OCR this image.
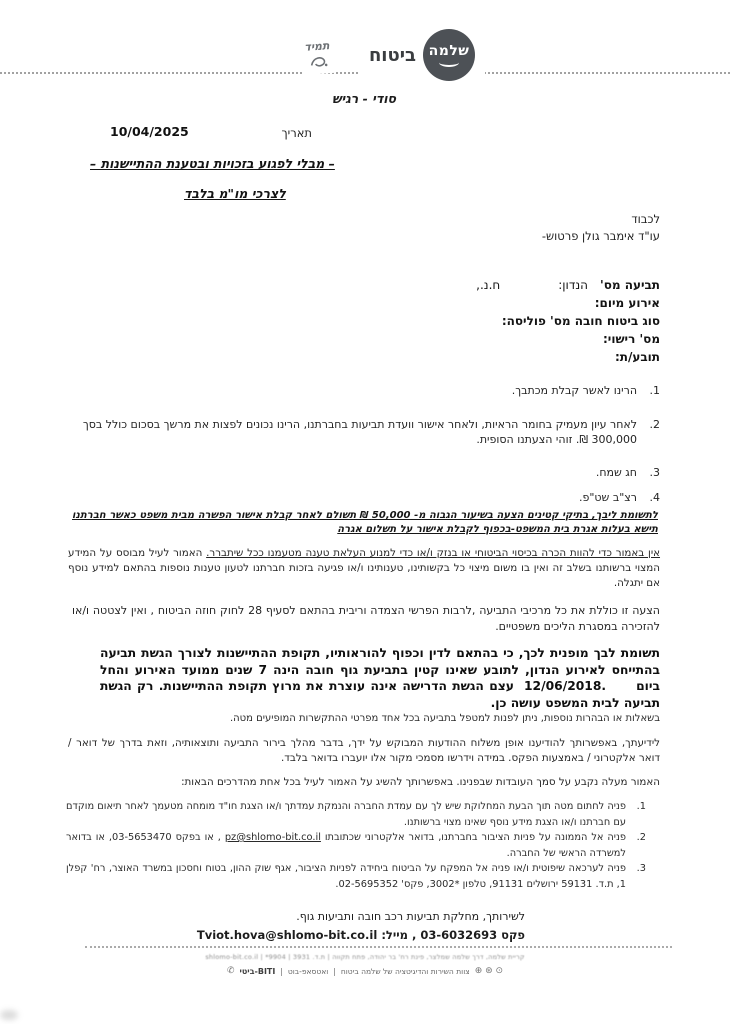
תמיד	שלמה
ביטוח
סודי - רגיש
תאריך
10/04/2025
– מבלי לפגוע בזכויות ובטענת ההתיישנות –
לצרכי מו"מ בלבד
לכבוד
עו"ד אימבר גולן פרטוש-
תביעה מס'
הנדון:
ח.נ.,
אירוע מיום:
סוג ביטוח חובה מס' פוליסה:
מס' רישוי:
תובע/ת:
1.
הרינו לאשר קבלת מכתבך.
2.
לאחר עיון מעמיק בחומר הראיות, ולאחר אישור וועדת תביעות בחברתנו, הרינו נכונים לפצות את מרשך בסכום כולל בסך 300,000 ₪. זוהי הצעתנו הסופית.
3.
חג שמח.
4.
רצ"ב שט"פ.
לתשומת ליבך, בתיקי קטינים הצעה בשיעור הגבוה מ- 50,000 ₪ תשולם לאחר קבלת אישור הפשרה מבית משפט כאשר חברתנו תישא בעלות אגרת בית המשפט-בכפוף לקבלת אישור על תשלום אגרה
אין באמור כדי להוות הכרה בכיסוי הביטוחי או בנזק ו/או כדי למנוע העלאת טענה מטעמנו ככל שיתברר. האמור לעיל מבוסס על המידע המצוי ברשותנו בשלב זה ואין בו משום מיצוי כל בקשותינו, טענותינו ו/או פגיעה בזכות חברתנו לטעון טענות נוספות בהתאם למידע נוסף אם יתגלה.
הצעה זו כוללת את כל מרכיבי התביעה ,לרבות הפרשי הצמדה וריבית בהתאם לסעיף 28 לחוק חוזה הביטוח , ואין לצטטה ו/או להזכירה במסגרת הליכים משפטיים.
תשומת לבך מופנית לכך, כי בהתאם לדין וכפוף להוראותיו, תקופת ההתיישנות לצורך הגשת תביעה בהתייחס לאירוע הנדון, לתובע שאינו קטין בתביעת גוף חובה הינה 7 שנים ממועד האירוע והחל ביום12/06/2018.עצם הגשת הדרישה אינה עוצרת את מרוץ תקופת ההתיישנות. רק הגשת תביעה לבית המשפט עושה כן.
בשאלות או הבהרות נוספות, ניתן לפנות למטפל בתביעה בכל אחד מפרטי ההתקשרות המופיעים מטה.
לידיעתך, באפשרותך להודיענו אופן משלוח ההודעות המבוקש על ידך, בדבר מהלך בירור התביעה ותוצאותיה, וזאת בדרך של דואר / דואר אלקטרוני / באמצעות הפקס. במידה וידרשו מסמכי מקור אלו יועברו בדואר בלבד.
האמור מעלה נקבע על סמך העובדות שבפנינו. באפשרותך להשיג על האמור לעיל בכל אחת מהדרכים הבאות:
1.
פניה לחתום מטה תוך הבעת המחלוקת שיש לך עם עמדת החברה והנמקת עמדתך ו/או הצגת חו"ד מומחה מטעמך לאחר תיאום מוקדם עם חברתנו ו/או הצגת מידע נוסף שאינו מצוי ברשותנו.
2.
פניה אל הממונה על פניות הציבור בחברתנו, בדואר אלקטרוני שכתובתו pz@shlomo-bit.co.il , או בפקס 03-5653470, או בדואר למשרדה הראשי של החברה.
3.
פניה לערכאה שיפוטית ו/או פניה אל המפקח על הביטוח ביחידה לפניות הציבור, אגף שוק ההון, בטוח וחסכון במשרד האוצר, רח' קפלן 1, ת.ד. 59131 ירושלים 91131, טלפון ‎3002*‎, פקס' 02-5695352.
לשירותך, מחלקת תביעות רכב חובה ותביעות גוף.
פקס 03-6032693 , מייל: Tviot.hova@shlomo-bit.co.il
קריית שלמה, דרך שלמה שמלצר, פינת רח' בר יהודה, פתח תקווה | ת.ד. 3931 | shlomo-bit.co.il | *9904
✆ ביטי-BITI | ואטסאפ-בוט | צוות השירות והדיגיטציה של שלמה ביטוח ⊕ ⊛ ⊙
